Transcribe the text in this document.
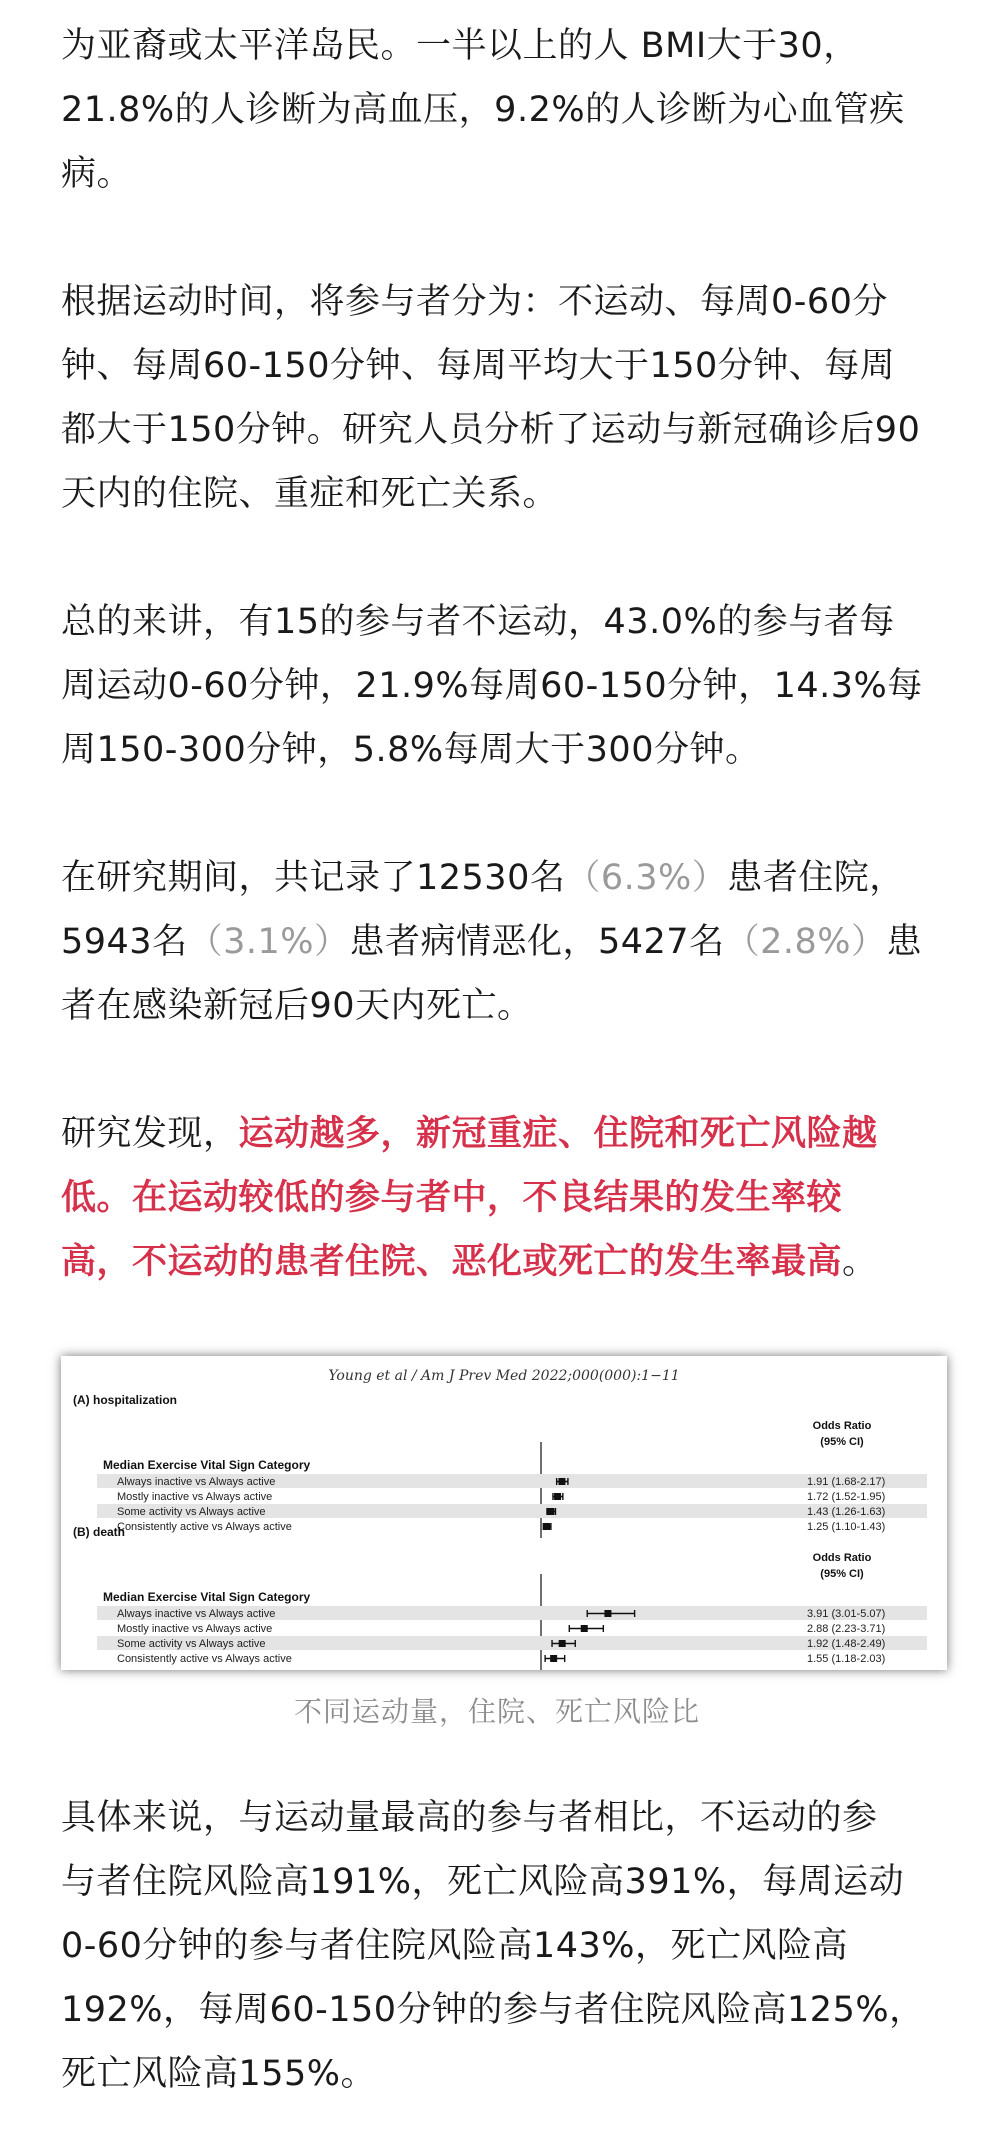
为亚裔或太平洋岛民。一半以上的人 BMI大于30，
21.8%的人诊断为高血压，9.2%的人诊断为心血管疾
病。
根据运动时间，将参与者分为：不运动、每周0-60分
钟、每周60-150分钟、每周平均大于150分钟、每周
都大于150分钟。研究人员分析了运动与新冠确诊后90
天内的住院、重症和死亡关系。
总的来讲，有15的参与者不运动，43.0%的参与者每
周运动0-60分钟，21.9%每周60-150分钟，14.3%每
周150-300分钟，5.8%每周大于300分钟。
在研究期间，共记录了12530名（6.3%）患者住院，
5943名（3.1%）患者病情恶化，5427名（2.8%）患
者在感染新冠后90天内死亡。
研究发现，运动越多，新冠重症、住院和死亡风险越
低。在运动较低的参与者中，不良结果的发生率较
高，不运动的患者住院、恶化或死亡的发生率最高。
Young et al / Am J Prev Med 2022;000(000):1−11
(A) hospitalization
Odds Ratio
(95% CI)
Median Exercise Vital Sign Category
Always inactive vs Always active	1.91 (1.68-2.17)
Mostly inactive vs Always active	1.72 (1.52-1.95)
Some activity vs Always active	1.43 (1.26-1.63)
Consistently active vs Always active	1.25 (1.10-1.43)
(B) death
Odds Ratio
(95% CI)
Median Exercise Vital Sign Category
Always inactive vs Always active	3.91 (3.01-5.07)
Mostly inactive vs Always active	2.88 (2.23-3.71)
Some activity vs Always active	1.92 (1.48-2.49)
Consistently active vs Always active	1.55 (1.18-2.03)
不同运动量，住院、死亡风险比
具体来说，与运动量最高的参与者相比，不运动的参
与者住院风险高191%，死亡风险高391%，每周运动
0-60分钟的参与者住院风险高143%，死亡风险高
192%，每周60-150分钟的参与者住院风险高125%，
死亡风险高155%。
